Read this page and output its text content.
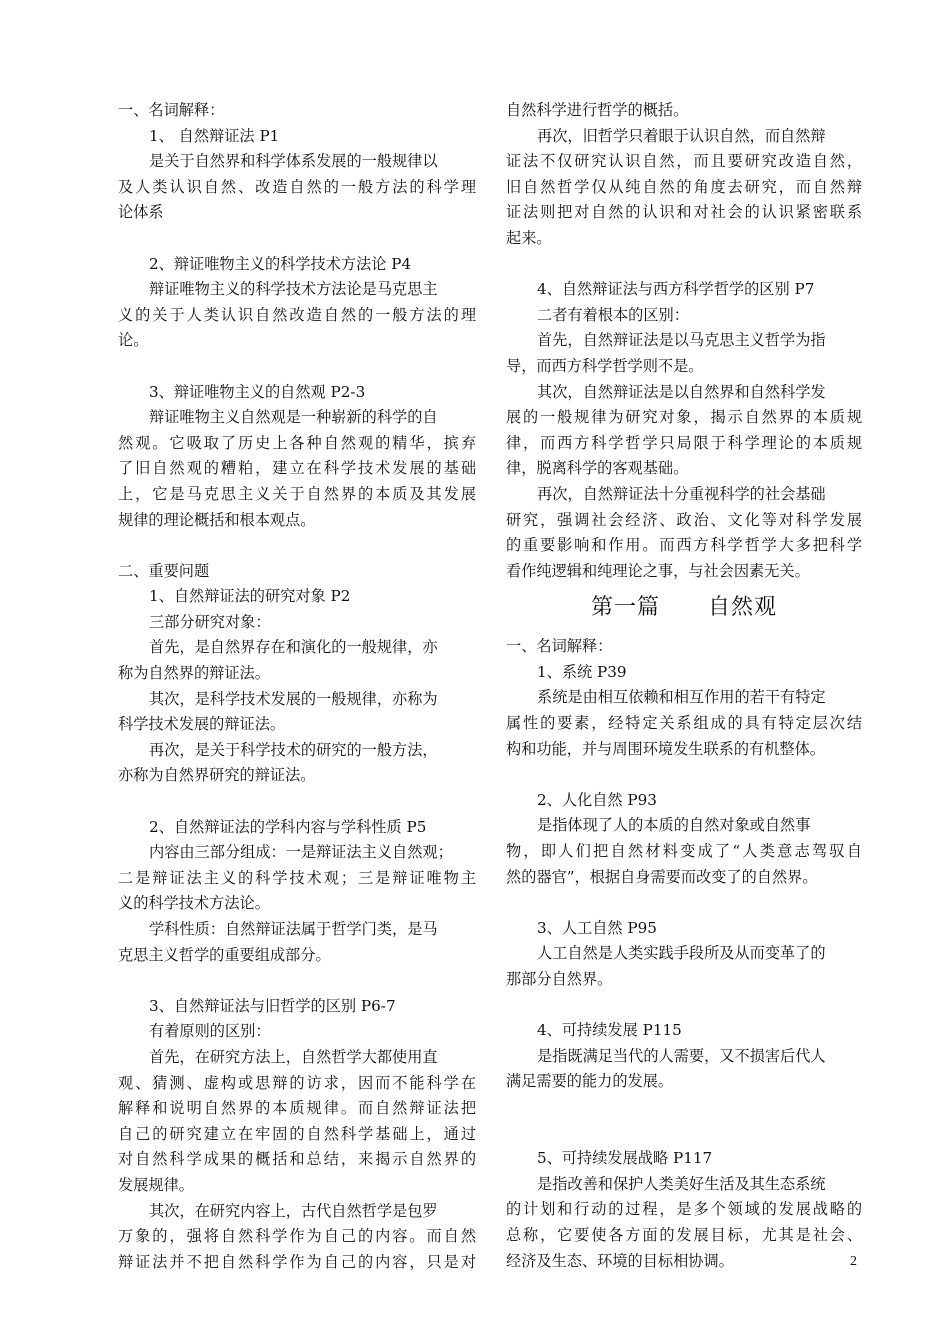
一、名词解释：
1、 自然辩证法 P1
是关于自然界和科学体系发展的一般规律以
及人类认识自然、改造自然的一般方法的科学理
论体系
2、辩证唯物主义的科学技术方法论 P4
辩证唯物主义的科学技术方法论是马克思主
义的关于人类认识自然改造自然的一般方法的理
论。
3、辩证唯物主义的自然观 P2-3
辩证唯物主义自然观是一种崭新的科学的自
然观。它吸取了历史上各种自然观的精华，摈弃
了旧自然观的糟粕，建立在科学技术发展的基础
上，它是马克思主义关于自然界的本质及其发展
规律的理论概括和根本观点。
二、重要问题
1、自然辩证法的研究对象 P2
三部分研究对象：
首先，是自然界存在和演化的一般规律，亦
称为自然界的辩证法。
其次，是科学技术发展的一般规律，亦称为
科学技术发展的辩证法。
再次，是关于科学技术的研究的一般方法，
亦称为自然界研究的辩证法。
2、自然辩证法的学科内容与学科性质 P5
内容由三部分组成：一是辩证法主义自然观；
二是辩证法主义的科学技术观；三是辩证唯物主
义的科学技术方法论。
学科性质：自然辩证法属于哲学门类，是马
克思主义哲学的重要组成部分。
3、自然辩证法与旧哲学的区别 P6-7
有着原则的区别：
首先，在研究方法上，自然哲学大都使用直
观、猜测、虚构或思辩的访求，因而不能科学在
解释和说明自然界的本质规律。而自然辩证法把
自己的研究建立在牢固的自然科学基础上，通过
对自然科学成果的概括和总结，来揭示自然界的
发展规律。
其次，在研究内容上，古代自然哲学是包罗
万象的，强将自然科学作为自己的内容。而自然
辩证法并不把自然科学作为自己的内容，只是对
自然科学进行哲学的概括。
再次，旧哲学只着眼于认识自然，而自然辩
证法不仅研究认识自然，而且要研究改造自然，
旧自然哲学仅从纯自然的角度去研究，而自然辩
证法则把对自然的认识和对社会的认识紧密联系
起来。
4、自然辩证法与西方科学哲学的区别 P7
二者有着根本的区别：
首先，自然辩证法是以马克思主义哲学为指
导，而西方科学哲学则不是。
其次，自然辩证法是以自然界和自然科学发
展的一般规律为研究对象，揭示自然界的本质规
律，而西方科学哲学只局限于科学理论的本质规
律，脱离科学的客观基础。
再次，自然辩证法十分重视科学的社会基础
研究，强调社会经济、政治、文化等对科学发展
的重要影响和作用。而西方科学哲学大多把科学
看作纯逻辑和纯理论之事，与社会因素无关。
第一篇      自然观
一、名词解释：
1、系统 P39
系统是由相互依赖和相互作用的若干有特定
属性的要素，经特定关系组成的具有特定层次结
构和功能，并与周围环境发生联系的有机整体。
2、人化自然 P93
是指体现了人的本质的自然对象或自然事
物，即人们把自然材料变成了“人类意志驾驭自
然的器官”，根据自身需要而改变了的自然界。
3、人工自然 P95
人工自然是人类实践手段所及从而变革了的
那部分自然界。
4、可持续发展 P115
是指既满足当代的人需要，又不损害后代人
满足需要的能力的发展。
5、可持续发展战略 P117
是指改善和保护人类美好生活及其生态系统
的计划和行动的过程，是多个领域的发展战略的
总称，它要使各方面的发展目标，尤其是社会、
经济及生态、环境的目标相协调。	2
